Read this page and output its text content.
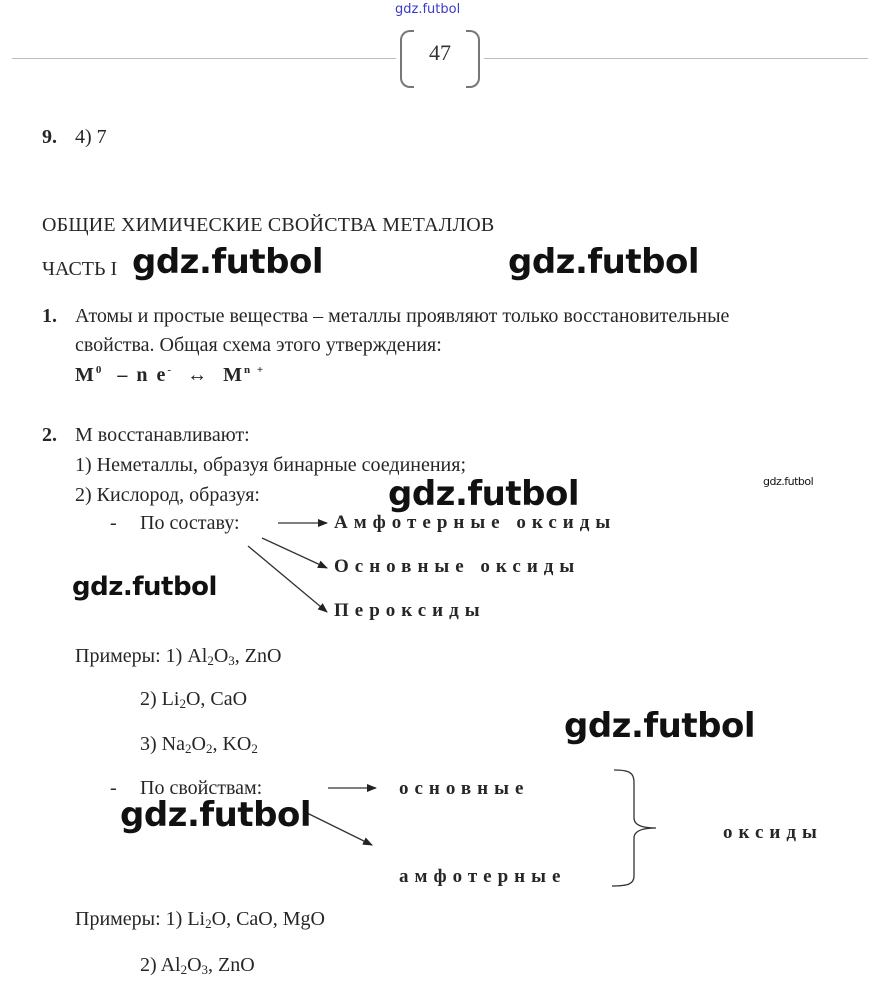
gdz.futbol
47
9. 4) 7
ОБЩИЕ ХИМИЧЕСКИЕ СВОЙСТВА МЕТАЛЛОВ
ЧАСТЬ I
1. Атомы и простые вещества – металлы проявляют только восстановительные
свойства. Общая схема этого утверждения:
$M^0$ – n e- ↔ $M^{n +}$
2. М восстанавливают:
1) Неметаллы, образуя бинарные соединения;
2) Кислород, образуя:
- По составу:	Амфотерные оксиды
Основные оксиды
Пероксиды
Примеры: 1) $Al_2O_3$, ZnO
2) $Li_2O$, CaO
3) $Na_2O_2$, $KO_2$
- По свойствам:	основные
амфотерные
оксиды
Примеры: 1) $Li_2O$, CaO, MgO
2) $Al_2O_3$, ZnO
gdz.futbol	gdz.futbol
gdz.futbol
gdz.futbol
gdz.futbol
gdz.futbol
gdz.futbol
